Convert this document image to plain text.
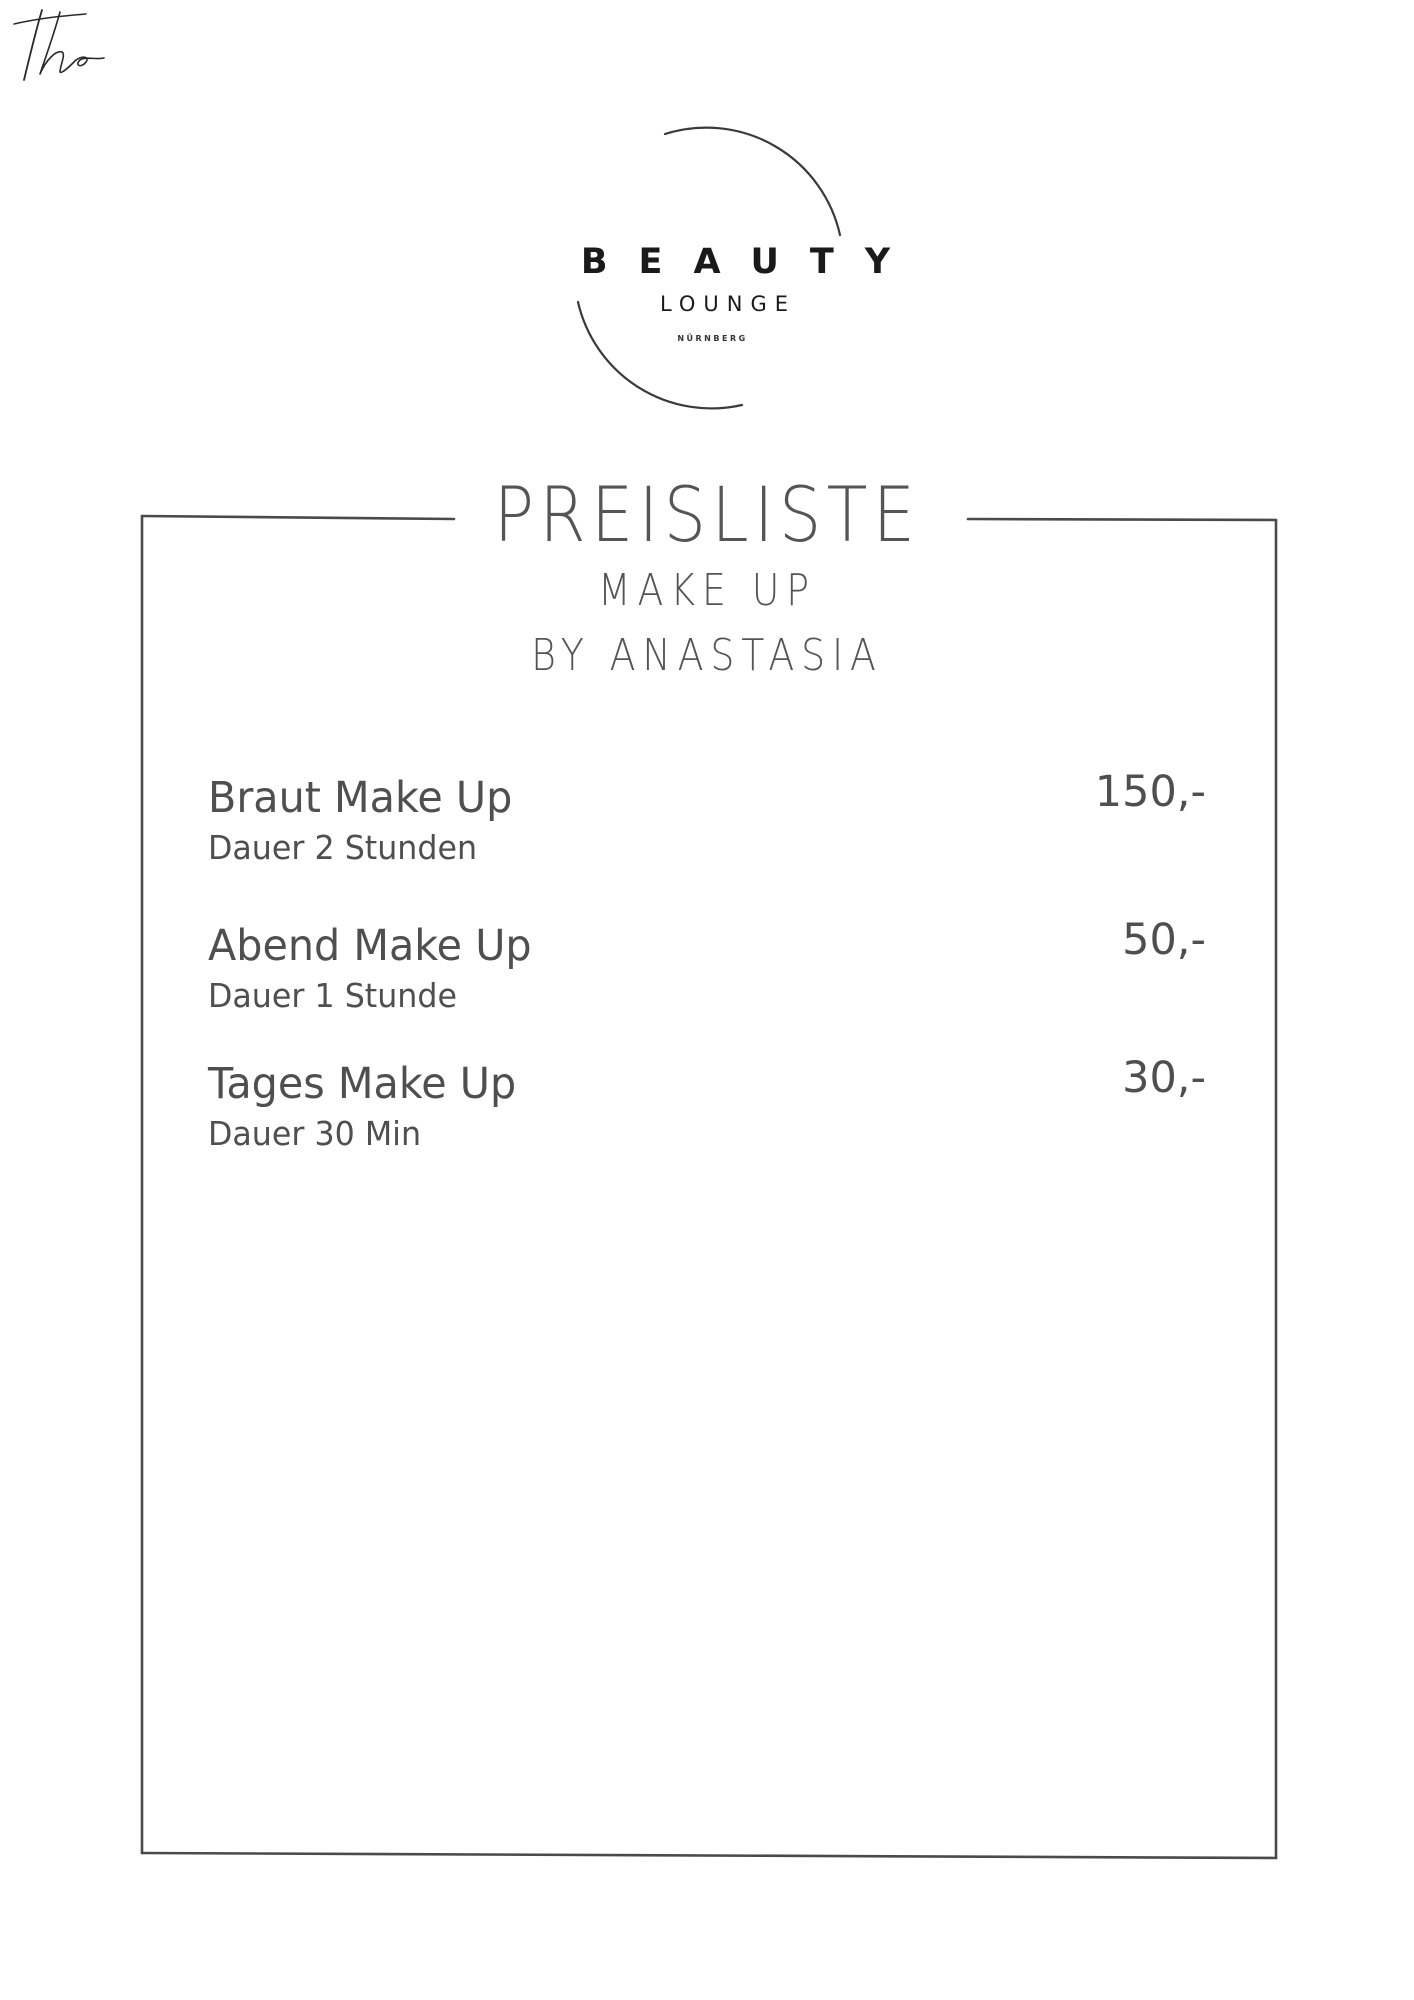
BEAUTY
LOUNGE
NÜRNBERG
PREISLISTE
MAKE UP
BY ANASTASIA
Braut Make Up
Dauer 2 Stunden
150,-
Abend Make Up
Dauer 1 Stunde
50,-
Tages Make Up
Dauer 30 Min
30,-
